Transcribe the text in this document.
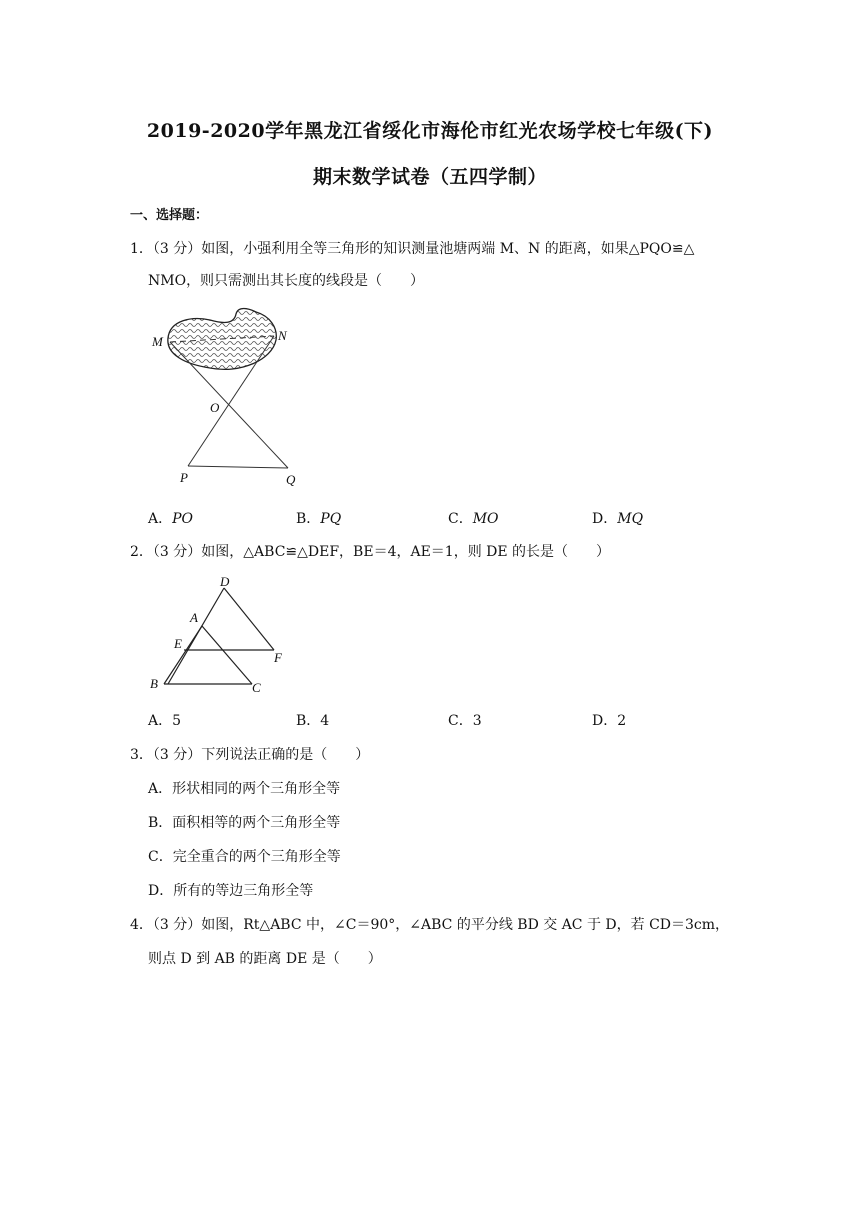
2019-2020学年黑龙江省绥化市海伦市红光农场学校七年级(下)
期末数学试卷（五四学制）
一、选择题：
1．（3 分）如图，小强利用全等三角形的知识测量池塘两端 M、N 的距离，如果△PQO≌△
NMO，则只需测出其长度的线段是（　　）
M	N
O
P	Q
A．PO	B．PQ	C．MO	D．MQ
2．（3 分）如图，△ABC≌△DEF，BE＝4，AE＝1，则 DE 的长是（　　）
D
A
E
F
B	C
A．5	B．4	C．3	D．2
3．（3 分）下列说法正确的是（　　）
A．形状相同的两个三角形全等
B．面积相等的两个三角形全等
C．完全重合的两个三角形全等
D．所有的等边三角形全等
4．（3 分）如图，Rt△ABC 中，∠C＝90°，∠ABC 的平分线 BD 交 AC 于 D，若 CD＝3cm，
则点 D 到 AB 的距离 DE 是（　　）
